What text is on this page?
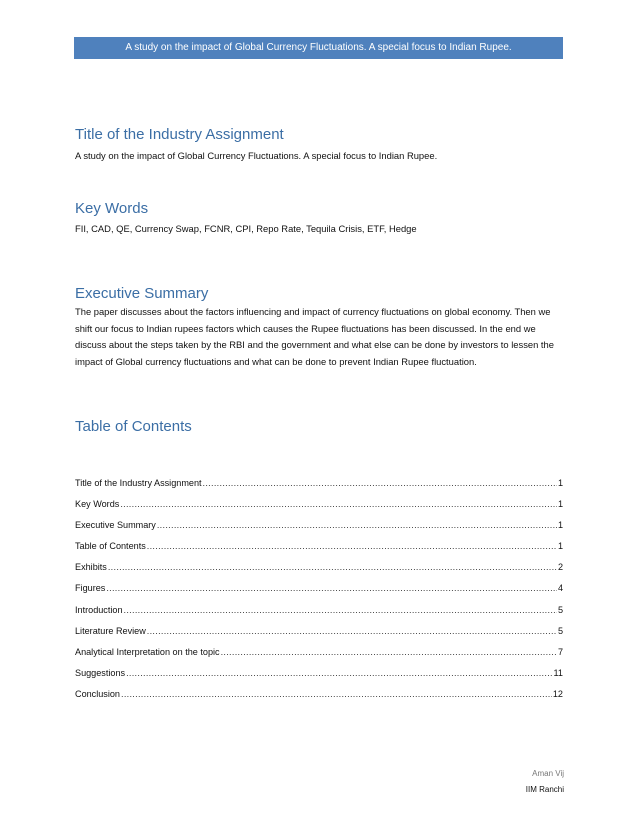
A study on the impact of Global Currency Fluctuations. A special focus to Indian Rupee.
Title of the Industry Assignment

A study on the impact of Global Currency Fluctuations. A special focus to Indian Rupee.

Key Words

FII, CAD, QE, Currency Swap, FCNR, CPI, Repo Rate, Tequila Crisis, ETF, Hedge

Executive Summary

The paper discusses about the factors influencing and impact of currency fluctuations on global economy. Then we shift our focus to Indian rupees factors which causes the Rupee fluctuations has been discussed. In the end we discuss about the steps taken by the RBI and the government and what else can be done by investors to lessen the impact of Global currency fluctuations and what can be done to prevent Indian Rupee fluctuation.

Table of Contents
Title of the Industry Assignment .....	1
Key Words .....	1
Executive Summary .....	1
Table of Contents .....	1
Exhibits .....	2
Figures .....	4
Introduction .....	5
Literature Review .....	5
Analytical Interpretation on the topic .....	7
Suggestions .....	11
Conclusion .....	12
Aman Vij
IIM Ranchi
